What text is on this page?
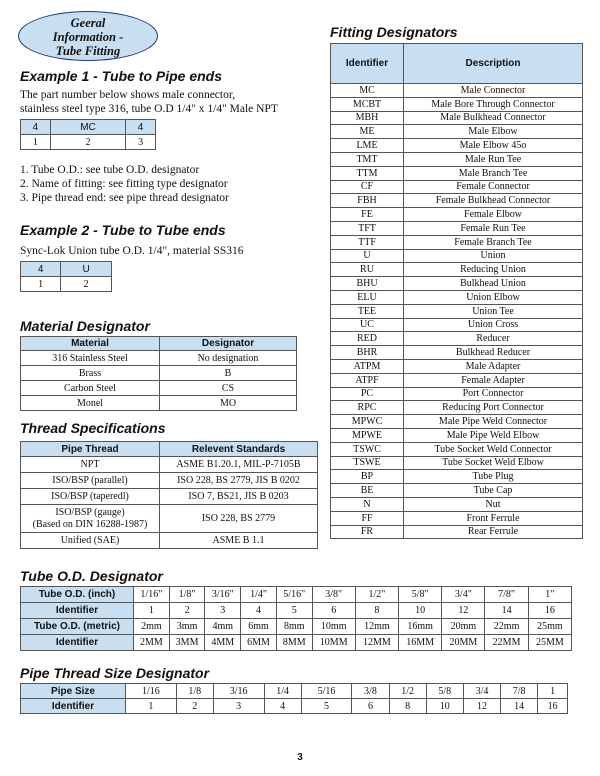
Geeral
Information -
Tube Fitting
Example 1 - Tube to Pipe ends
The part number below shows male connector,
stainless steel type 316, tube O.D 1/4" x 1/4" Male NPT
4	MC	4
1	2	3
1. Tube O.D.: see tube O.D. designator
2. Name of fitting: see fitting type designator
3. Pipe thread end: see pipe thread designator
Example 2 - Tube to Tube ends
Sync-Lok Union tube O.D. 1/4", material SS316
4	U
1	2
Material Designator
Material	Designator
316 Stainless Steel	No designation
Brass	B
Carbon Steel	CS
Monel	MO
Thread Specifications
Pipe Thread	Relevent Standards
NPT	ASME B1.20.1, MIL-P-7105B
ISO/BSP (parallel)	ISO 228, BS 2779, JIS B 0202
ISO/BSP (taperedl)	ISO 7, BS21, JIS B 0203
ISO/BSP (gauge)
(Based on DIN 16288-1987)	ISO 228, BS 2779
Unified (SAE)	ASME B 1.1
Fitting Designators
Identifier	Description
MC	Male Connector
MCBT	Male Bore Through Connector
MBH	Male Bulkhead Connector
ME	Male Elbow
LME	Male Elbow 45o
TMT	Male Run Tee
TTM	Male Branch Tee
CF	Female Connector
FBH	Female Bulkhead Connector
FE	Female Elbow
TFT	Female Run Tee
TTF	Female Branch Tee
U	Union
RU	Reducing Union
BHU	Bulkhead Union
ELU	Union Elbow
TEE	Union Tee
UC	Union Cross
RED	Reducer
BHR	Bulkhead Reducer
ATPM	Male Adapter
ATPF	Female Adapter
PC	Port Connector
RPC	Reducing Port Connector
MPWC	Male Pipe Weld Connector
MPWE	Male Pipe Weld Elbow
TSWC	Tube Socket Weld Connector
TSWE	Tube Socket Weld Elbow
BP	Tube Plug
BE	Tube Cap
N	Nut
FF	Front Ferrule
FR	Rear Ferrule
Tube O.D. Designator
Tube O.D. (inch)	1/16"	1/8"	3/16"	1/4"	5/16"	3/8"	1/2"	5/8"	3/4"	7/8"	1"
Identifier	1	2	3	4	5	6	8	10	12	14	16
Tube O.D. (metric)	2mm	3mm	4mm	6mm	8mm	10mm	12mm	16mm	20mm	22mm	25mm
Identifier	2MM	3MM	4MM	6MM	8MM	10MM	12MM	16MM	20MM	22MM	25MM
Pipe Thread Size Designator
Pipe Size	1/16	1/8	3/16	1/4	5/16	3/8	1/2	5/8	3/4	7/8	1
Identifier	1	2	3	4	5	6	8	10	12	14	16
3
